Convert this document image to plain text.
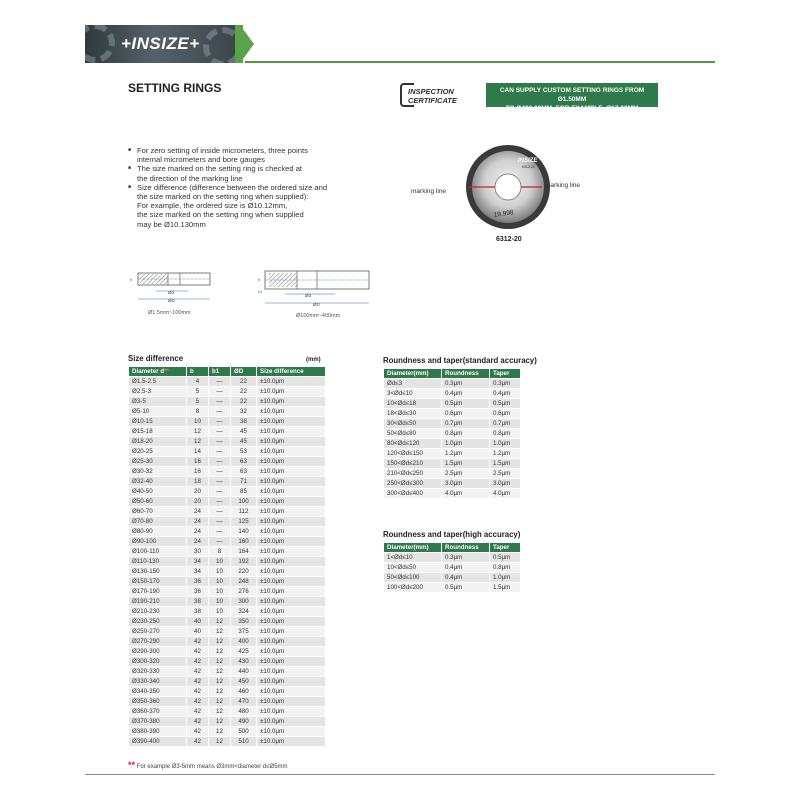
+INSIZE+
SETTING RINGS	INSPECTION
CERTIFICATE
CAN SUPPLY CUSTOM SETTING RINGS FROM Ø1.50MM
TO Ø400.00MM, FOR EXAMPLE, Ø17.08MM
■ For zero setting of inside micrometers, three points
internal micrometers and bore gauges
■ The size marked on the setting ring is checked at
the direction of the marking line
■ Size difference (difference between the ordered size and
the size marked on the setting ring when supplied):
For example, the ordered size is Ø10.12mm,
the size marked on the setting ring when supplied
may be Ø10.130mm
INSIZE
6312-20
19.998
marking line
marking line
6312-20
Ød
ØD
b
Ø1.5mm~100mm
Ød
ØD
b
b1
Ø100mm~400mm
Size difference	(mm)
Diameter d**	b	b1	ØD	Size difference
Ø1.5-2.5	4	—	22	±10.0μm
Ø2.5-3	5	—	22	±10.0μm
Ø3-5	5	—	22	±10.0μm
Ø5-10	8	—	32	±10.0μm
Ø10-15	10	—	38	±10.0μm
Ø15-18	12	—	45	±10.0μm
Ø18-20	12	—	45	±10.0μm
Ø20-25	14	—	53	±10.0μm
Ø25-30	16	—	63	±10.0μm
Ø30-32	16	—	63	±10.0μm
Ø32-40	18	—	71	±10.0μm
Ø40-50	20	—	85	±10.0μm
Ø50-60	20	—	100	±10.0μm
Ø60-70	24	—	112	±10.0μm
Ø70-80	24	—	125	±10.0μm
Ø80-90	24	—	140	±10.0μm
Ø90-100	24	—	160	±10.0μm
Ø100-110	30	8	164	±10.0μm
Ø110-130	34	10	192	±10.0μm
Ø130-150	34	10	220	±10.0μm
Ø150-170	36	10	248	±10.0μm
Ø170-190	36	10	276	±10.0μm
Ø190-210	38	10	300	±10.0μm
Ø210-230	38	10	324	±10.0μm
Ø230-250	40	12	350	±10.0μm
Ø250-270	40	12	375	±10.0μm
Ø270-290	42	12	400	±10.0μm
Ø290-300	42	12	425	±10.0μm
Ø300-320	42	12	430	±10.0μm
Ø320-330	42	12	440	±10.0μm
Ø330-340	42	12	450	±10.0μm
Ø340-350	42	12	460	±10.0μm
Ø350-360	42	12	470	±10.0μm
Ø360-370	42	12	480	±10.0μm
Ø370-380	42	12	490	±10.0μm
Ø380-390	42	12	500	±10.0μm
Ø390-400	42	12	510	±10.0μm
Roundness and taper(standard accuracy)
Diameter(mm)	Roundness	Taper
Ød≤3	0.3μm	0.3μm
3<Ød≤10	0.4μm	0.4μm
10<Ød≤18	0.5μm	0.5μm
18<Ød≤30	0.6μm	0.6μm
30<Ød≤50	0.7μm	0.7μm
50<Ød≤80	0.8μm	0.8μm
80<Ød≤120	1.0μm	1.0μm
120<Ød≤150	1.2μm	1.2μm
150<Ød≤210	1.5μm	1.5μm
210<Ød≤250	2.5μm	2.5μm
250<Ød≤300	3.0μm	3.0μm
300<Ød≤400	4.0μm	4.0μm
Roundness and taper(high accuracy)
Diameter(mm)	Roundness	Taper
1<Ød≤10	0.3μm	0.5μm
10<Ød≤50	0.4μm	0.8μm
50<Ød≤100	0.4μm	1.0μm
100<Ød≤200	0.5μm	1.5μm
** For example Ø3-5mm means Ø3mm<diameter d≤Ø5mm
